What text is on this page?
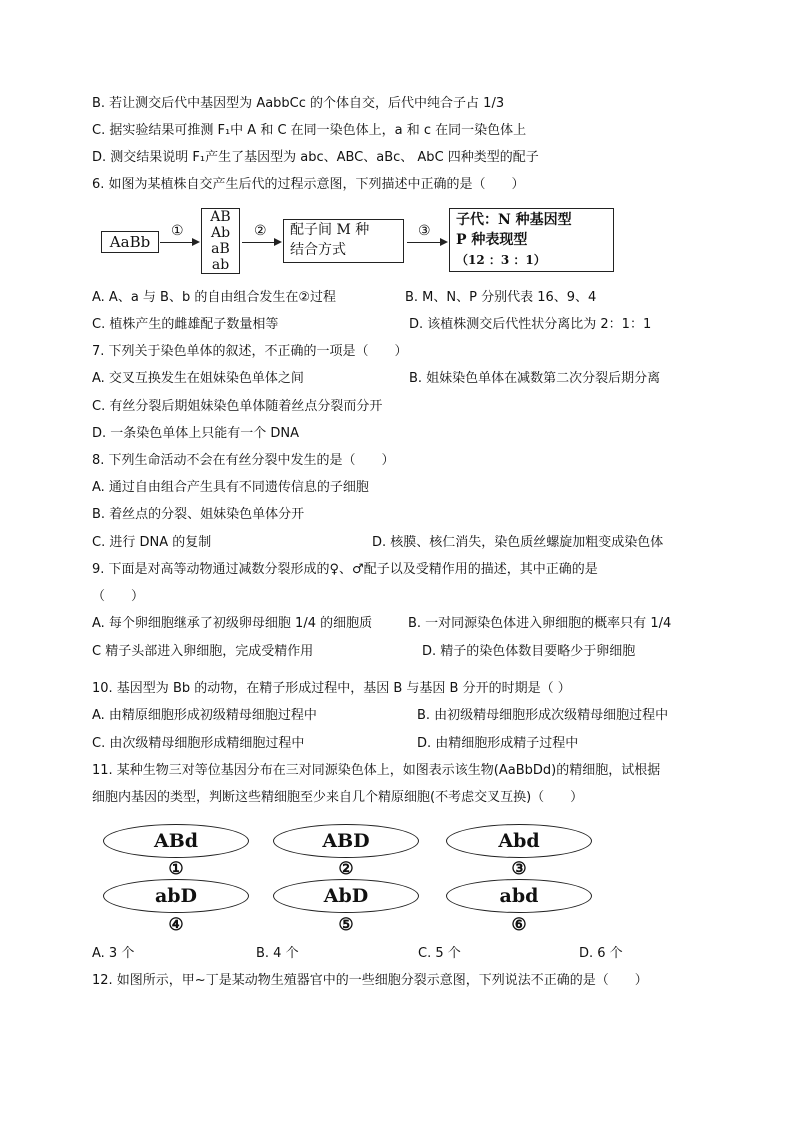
B. 若让测交后代中基因型为 AabbCc 的个体自交，后代中纯合子占 1/3
C. 据实验结果可推测 F₁中 A 和 C 在同一染色体上，a 和 c 在同一染色体上
D. 测交结果说明 F₁产生了基因型为 abc、ABC、aBc、 AbC 四种类型的配子
6. 如图为某植株自交产生后代的过程示意图，下列描述中正确的是（　　）
AaBb
①
AB
Ab
aB
ab
② 配子间 M 种
结合方式
③
子代：N 种基因型
P 种表现型
（12 ：3 ：1）
A. A、a 与 B、b 的自由组合发生在②过程	B. M、N、P 分别代表 16、9、4
C. 植株产生的雌雄配子数量相等	D. 该植株测交后代性状分离比为 2：1：1
7. 下列关于染色单体的叙述，不正确的一项是（　　）
A. 交叉互换发生在姐妹染色单体之间	B. 姐妹染色单体在减数第二次分裂后期分离
C. 有丝分裂后期姐妹染色单体随着丝点分裂而分开
D. 一条染色单体上只能有一个 DNA
8. 下列生命活动不会在有丝分裂中发生的是（　　）
A. 通过自由组合产生具有不同遗传信息的子细胞
B. 着丝点的分裂、姐妹染色单体分开
C. 进行 DNA 的复制	D. 核膜、核仁消失，染色质丝螺旋加粗变成染色体
9. 下面是对高等动物通过减数分裂形成的♀、♂配子以及受精作用的描述，其中正确的是
（　　）
A. 每个卵细胞继承了初级卵母细胞 1/4 的细胞质	B. 一对同源染色体进入卵细胞的概率只有 1/4
C 精子头部进入卵细胞，完成受精作用	D. 精子的染色体数目要略少于卵细胞
10. 基因型为 Bb 的动物，在精子形成过程中，基因 B 与基因 B 分开的时期是（ ）
A. 由精原细胞形成初级精母细胞过程中	B. 由初级精母细胞形成次级精母细胞过程中
C. 由次级精母细胞形成精细胞过程中	D. 由精细胞形成精子过程中
11. 某种生物三对等位基因分布在三对同源染色体上，如图表示该生物(AaBbDd)的精细胞，试根据
细胞内基因的类型，判断这些精细胞至少来自几个精原细胞(不考虑交叉互换)（　　）
ABd
①
ABD
②
Abd
③
abD
④
AbD
⑤
abd
⑥
A. 3 个	B. 4 个	C. 5 个	D. 6 个
12. 如图所示，甲~丁是某动物生殖器官中的一些细胞分裂示意图，下列说法不正确的是（　　）
